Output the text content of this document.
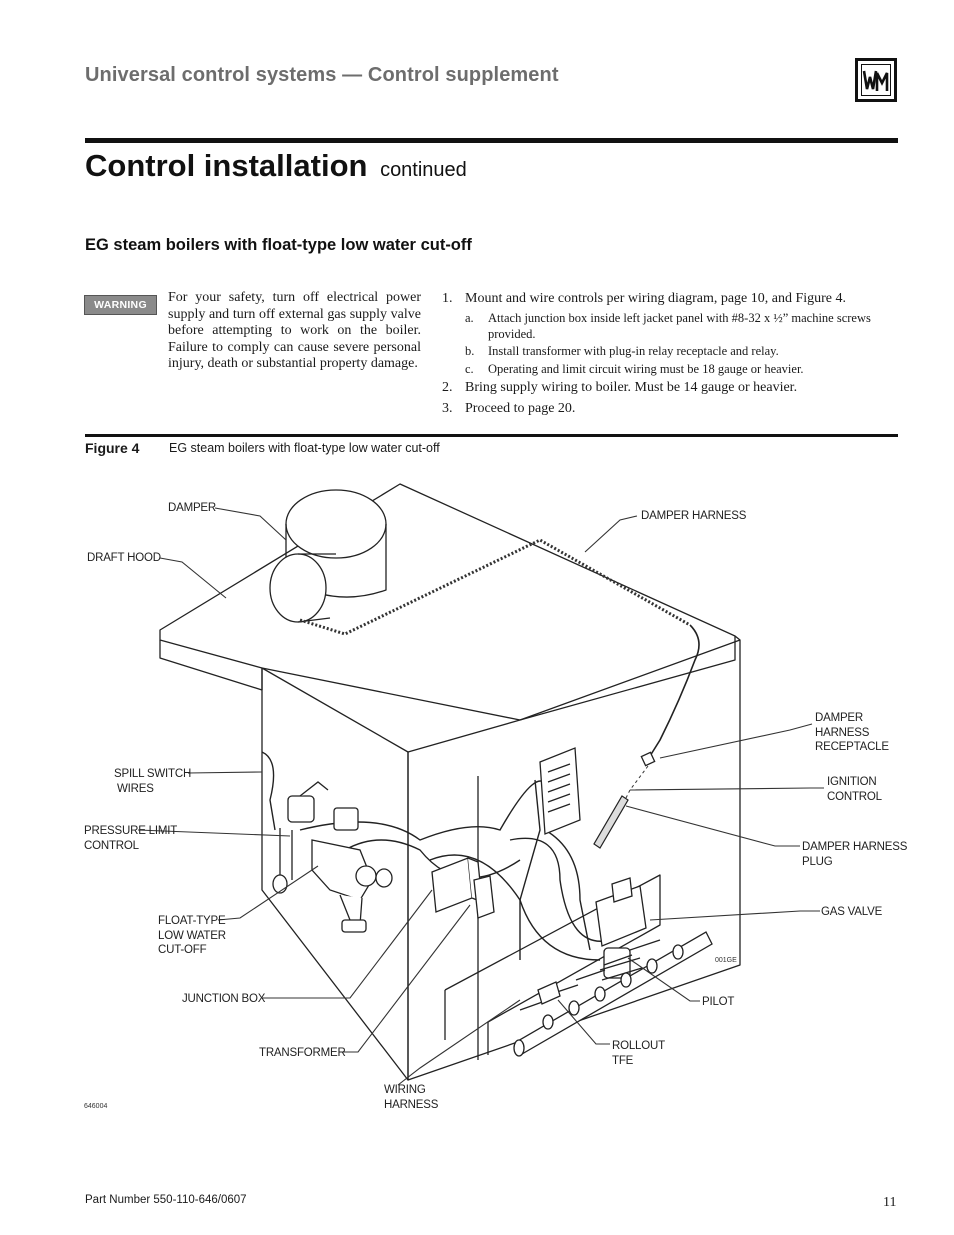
Universal control systems — Control supplement
Control installation continued
EG steam boilers with float-type low water cut-off
WARNING	For your safety, turn off electrical power supply and turn off external gas supply valve before attempting to work on the boiler. Failure to comply can cause severe personal injury, death or substantial property damage.
1. Mount and wire controls per wiring diagram, page 10, and Figure 4.
a. Attach junction box inside left jacket panel with #8-32 x ½” machine screws provided.
b. Install transformer with plug-in relay receptacle and relay.
c. Operating and limit circuit wiring must be 18 gauge or heavier.
2. Bring supply wiring to boiler. Must be 14 gauge or heavier.
3. Proceed to page 20.
Figure 4 EG steam boilers with float-type low water cut-off
DAMPER
DRAFT HOOD
DAMPER HARNESS
DAMPER
HARNESS
RECEPTACLE
IGNITION
CONTROL
SPILL SWITCH
WIRES
PRESSURE LIMIT
CONTROL	DAMPER HARNESS
PLUG
GAS VALVE
FLOAT-TYPE
LOW WATER
CUT-OFF
JUNCTION BOX	PILOT
ROLLOUT
TFE
TRANSFORMER
WIRING
HARNESS
001GE
646004
Part Number 550-110-646/0607	11
